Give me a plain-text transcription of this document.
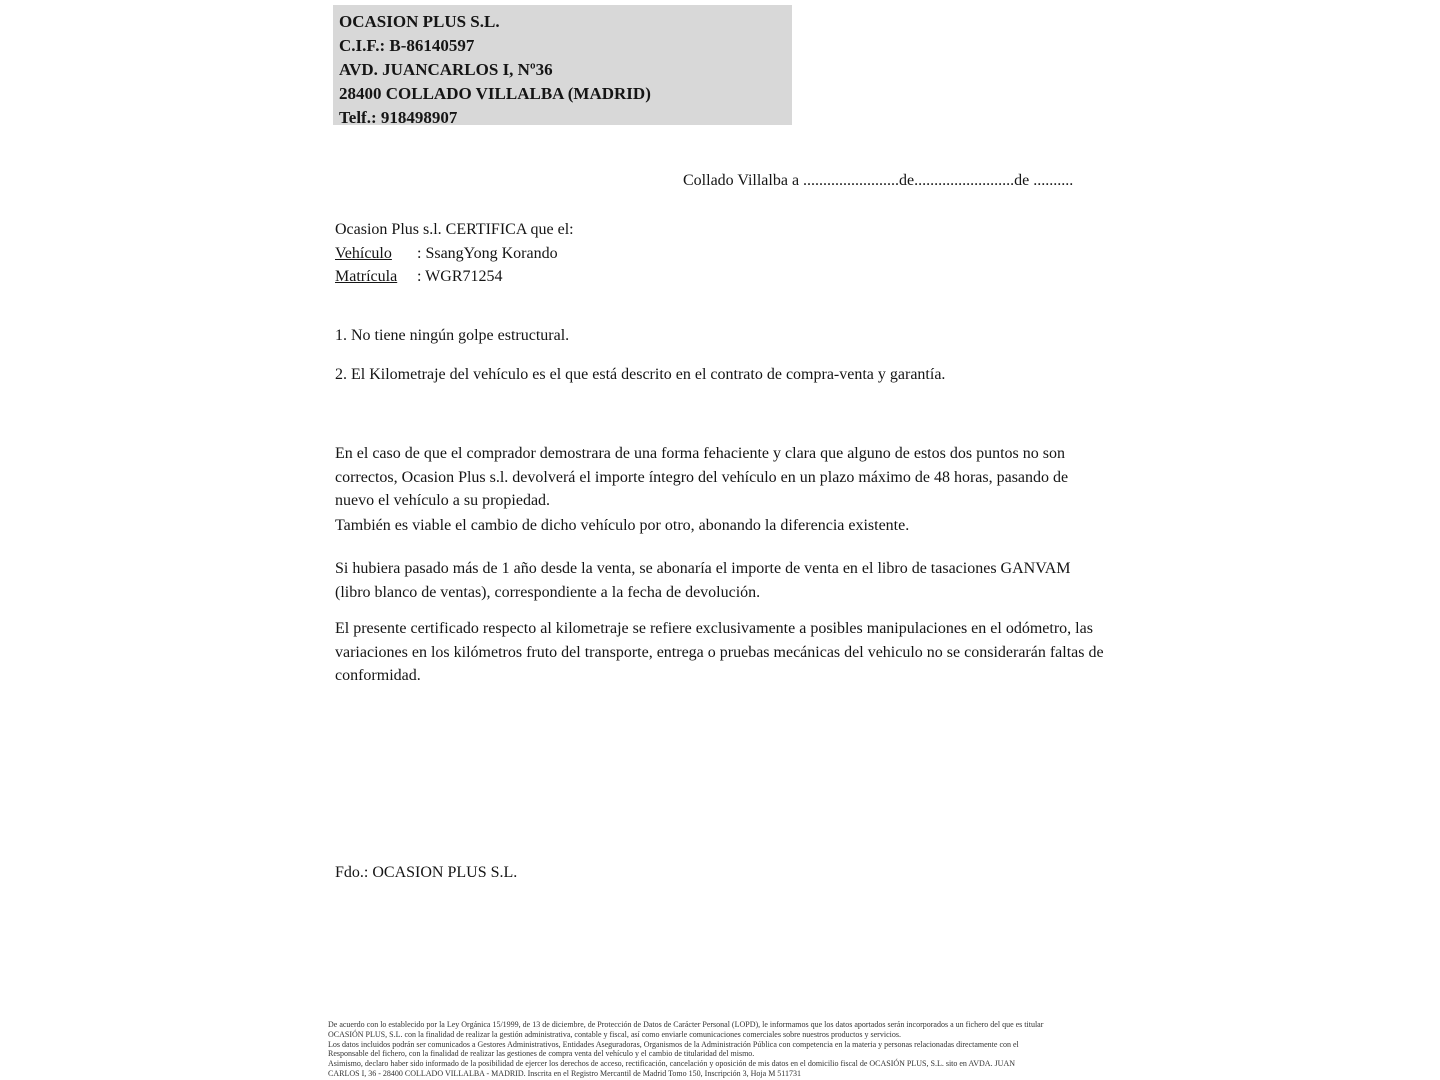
OCASION PLUS S.L.
C.I.F.: B-86140597
AVD. JUANCARLOS I, Nº36
28400 COLLADO VILLALBA (MADRID)
Telf.: 918498907
Collado Villalba a ........................de.........................de ..........
Ocasion Plus s.l. CERTIFICA que el:
Vehículo : SsangYong Korando
Matrícula : WGR71254
1. No tiene ningún golpe estructural.
2. El Kilometraje del vehículo es el que está descrito en el contrato de compra-venta y garantía.
En el caso de que el comprador demostrara de una forma fehaciente y clara que alguno de estos dos puntos no son correctos, Ocasion Plus s.l. devolverá el importe íntegro del vehículo en un plazo máximo de 48 horas, pasando de nuevo el vehículo a su propiedad.
También es viable el cambio de dicho vehículo por otro, abonando la diferencia existente.
Si hubiera pasado más de 1 año desde la venta, se abonaría el importe de venta en el libro de tasaciones GANVAM (libro blanco de ventas), correspondiente a la fecha de devolución.
El presente certificado respecto al kilometraje se refiere exclusivamente a posibles manipulaciones en el odómetro, las variaciones en los kilómetros fruto del transporte, entrega o pruebas mecánicas del vehiculo no se considerarán faltas de conformidad.
Fdo.: OCASION PLUS S.L.
De acuerdo con lo establecido por la Ley Orgánica 15/1999, de 13 de diciembre, de Protección de Datos de Carácter Personal (LOPD), le informamos que los datos aportados serán incorporados a un fichero del que es titular
OCASIÓN PLUS, S.L. con la finalidad de realizar la gestión administrativa, contable y fiscal, así como enviarle comunicaciones comerciales sobre nuestros productos y servicios.
Los datos incluidos podrán ser comunicados a Gestores Administrativos, Entidades Aseguradoras, Organismos de la Administración Pública con competencia en la materia y personas relacionadas directamente con el
Responsable del fichero, con la finalidad de realizar las gestiones de compra venta del vehículo y el cambio de titularidad del mismo.
Asimismo, declaro haber sido informado de la posibilidad de ejercer los derechos de acceso, rectificación, cancelación y oposición de mis datos en el domicilio fiscal de OCASIÓN PLUS, S.L. sito en AVDA. JUAN
CARLOS I, 36 - 28400 COLLADO VILLALBA - MADRID. Inscrita en el Registro Mercantil de Madrid Tomo 150, Inscripción 3, Hoja M 511731
